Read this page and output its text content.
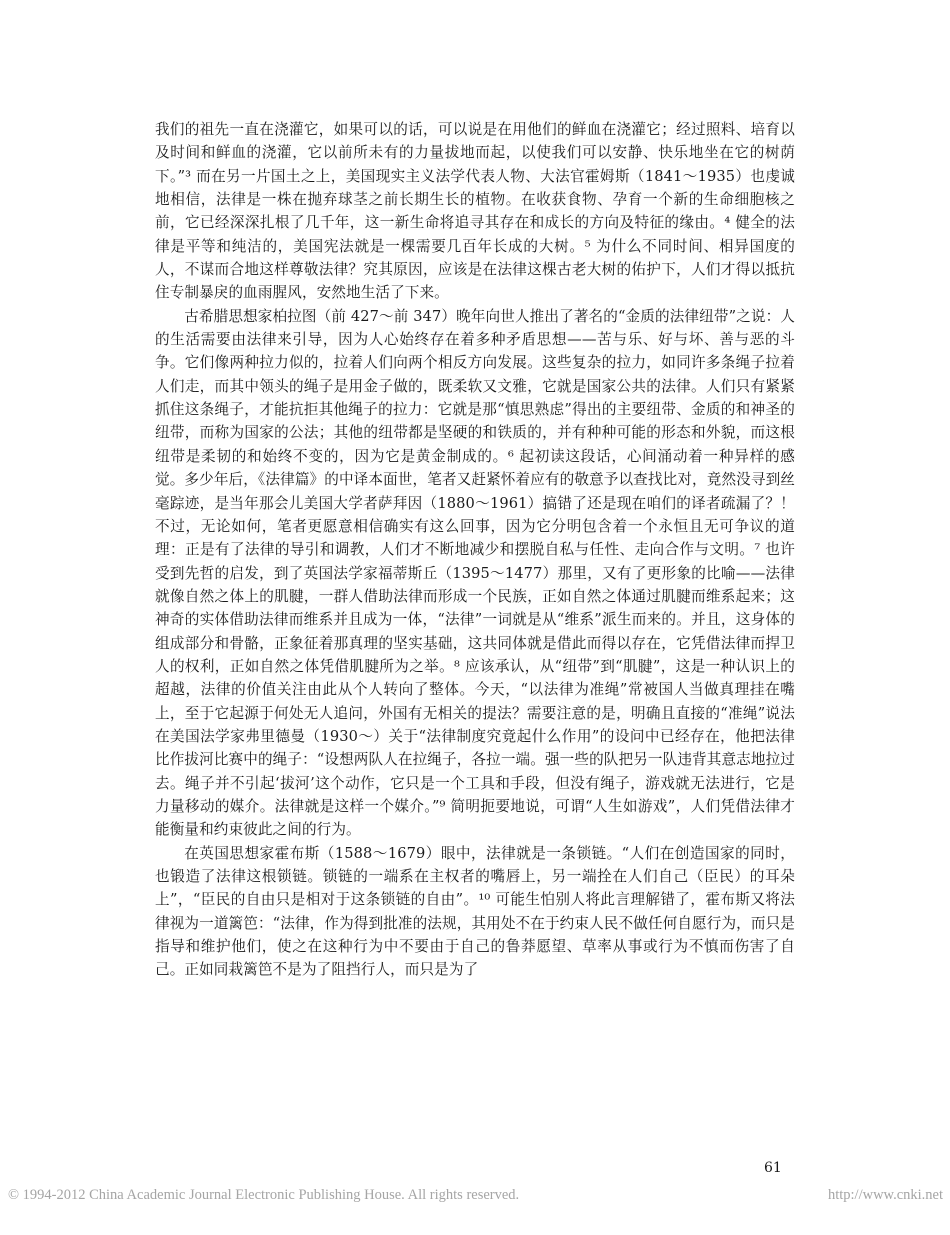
我们的祖先一直在浇灌它，如果可以的话，可以说是在用他们的鲜血在浇灌它；经过照料、培育以及时间和鲜血的浇灌，它以前所未有的力量拔地而起，以使我们可以安静、快乐地坐在它的树荫下。”³ 而在另一片国土之上，美国现实主义法学代表人物、大法官霍姆斯（1841～1935）也虔诚地相信，法律是一株在抛弃球茎之前长期生长的植物。在收获食物、孕育一个新的生命细胞核之前，它已经深深扎根了几千年，这一新生命将追寻其存在和成长的方向及特征的缘由。⁴ 健全的法律是平等和纯洁的，美国宪法就是一棵需要几百年长成的大树。⁵ 为什么不同时间、相异国度的人，不谋而合地这样尊敬法律？究其原因，应该是在法律这棵古老大树的佑护下，人们才得以抵抗住专制暴戾的血雨腥风，安然地生活了下来。

古希腊思想家柏拉图（前 427～前 347）晚年向世人推出了著名的“金质的法律纽带”之说：人的生活需要由法律来引导，因为人心始终存在着多种矛盾思想——苦与乐、好与坏、善与恶的斗争。它们像两种拉力似的，拉着人们向两个相反方向发展。这些复杂的拉力，如同许多条绳子拉着人们走，而其中领头的绳子是用金子做的，既柔软又文雅，它就是国家公共的法律。人们只有紧紧抓住这条绳子，才能抗拒其他绳子的拉力：它就是那“慎思熟虑”得出的主要纽带、金质的和神圣的纽带，而称为国家的公法；其他的纽带都是坚硬的和铁质的，并有种种可能的形态和外貌，而这根纽带是柔韧的和始终不变的，因为它是黄金制成的。⁶ 起初读这段话，心间涌动着一种异样的感觉。多少年后，《法律篇》的中译本面世，笔者又赶紧怀着应有的敬意予以查找比对，竟然没寻到丝毫踪迹，是当年那会儿美国大学者萨拜因（1880～1961）搞错了还是现在咱们的译者疏漏了？！不过，无论如何，笔者更愿意相信确实有这么回事，因为它分明包含着一个永恒且无可争议的道理：正是有了法律的导引和调教，人们才不断地减少和摆脱自私与任性、走向合作与文明。⁷ 也许受到先哲的启发，到了英国法学家福蒂斯丘（1395～1477）那里，又有了更形象的比喻——法律就像自然之体上的肌腱，一群人借助法律而形成一个民族，正如自然之体通过肌腱而维系起来；这神奇的实体借助法律而维系并且成为一体，“法律”一词就是从“维系”派生而来的。并且，这身体的组成部分和骨骼，正象征着那真理的坚实基础，这共同体就是借此而得以存在，它凭借法律而捍卫人的权利，正如自然之体凭借肌腱所为之举。⁸ 应该承认，从“纽带”到“肌腱”，这是一种认识上的超越，法律的价值关注由此从个人转向了整体。今天，“以法律为准绳”常被国人当做真理挂在嘴上，至于它起源于何处无人追问，外国有无相关的提法？需要注意的是，明确且直接的“准绳”说法在美国法学家弗里德曼（1930～）关于“法律制度究竟起什么作用”的设问中已经存在，他把法律比作拔河比赛中的绳子：“设想两队人在拉绳子，各拉一端。强一些的队把另一队违背其意志地拉过去。绳子并不引起‘拔河’这个动作，它只是一个工具和手段，但没有绳子，游戏就无法进行，它是力量移动的媒介。法律就是这样一个媒介。”⁹ 简明扼要地说，可谓“人生如游戏”，人们凭借法律才能衡量和约束彼此之间的行为。

在英国思想家霍布斯（1588～1679）眼中，法律就是一条锁链。“人们在创造国家的同时，也锻造了法律这根锁链。锁链的一端系在主权者的嘴唇上，另一端拴在人们自己（臣民）的耳朵上”，“臣民的自由只是相对于这条锁链的自由”。¹⁰ 可能生怕别人将此言理解错了，霍布斯又将法律视为一道篱笆：“法律，作为得到批准的法规，其用处不在于约束人民不做任何自愿行为，而只是指导和维护他们，使之在这种行为中不要由于自己的鲁莽愿望、草率从事或行为不慎而伤害了自己。正如同栽篱笆不是为了阻挡行人，而只是为了

61
© 1994-2012 China Academic Journal Electronic Publishing House. All rights reserved.	http://www.cnki.net
